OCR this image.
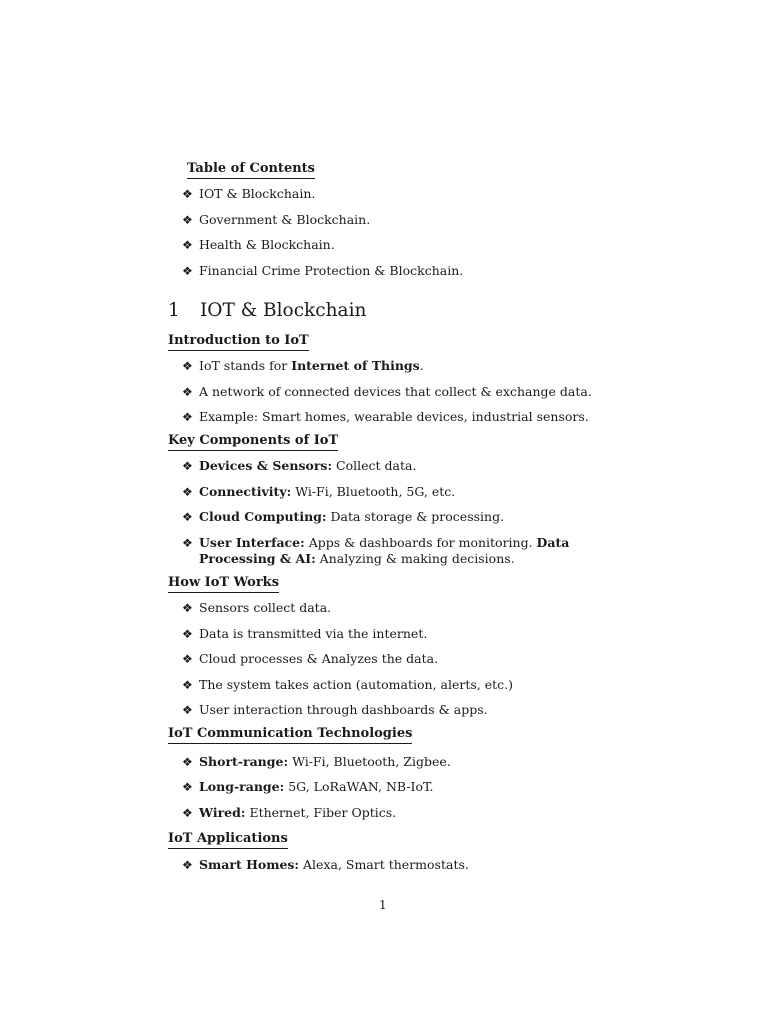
Table of Contents
❖ IOT & Blockchain.
❖ Government & Blockchain.
❖ Health & Blockchain.
❖ Financial Crime Protection & Blockchain.
1 IOT & Blockchain
Introduction to IoT
❖ IoT stands for Internet of Things.
❖ A network of connected devices that collect & exchange data.
❖ Example: Smart homes, wearable devices, industrial sensors.
Key Components of IoT
❖ Devices & Sensors: Collect data.
❖ Connectivity: Wi-Fi, Bluetooth, 5G, etc.
❖ Cloud Computing: Data storage & processing.
❖ User Interface: Apps & dashboards for monitoring. Data Processing & AI: Analyzing & making decisions.
How IoT Works
❖ Sensors collect data.
❖ Data is transmitted via the internet.
❖ Cloud processes & Analyzes the data.
❖ The system takes action (automation, alerts, etc.)
❖ User interaction through dashboards & apps.
IoT Communication Technologies
❖ Short-range: Wi-Fi, Bluetooth, Zigbee.
❖ Long-range: 5G, LoRaWAN, NB-IoT.
❖ Wired: Ethernet, Fiber Optics.
IoT Applications
❖ Smart Homes: Alexa, Smart thermostats.
1
